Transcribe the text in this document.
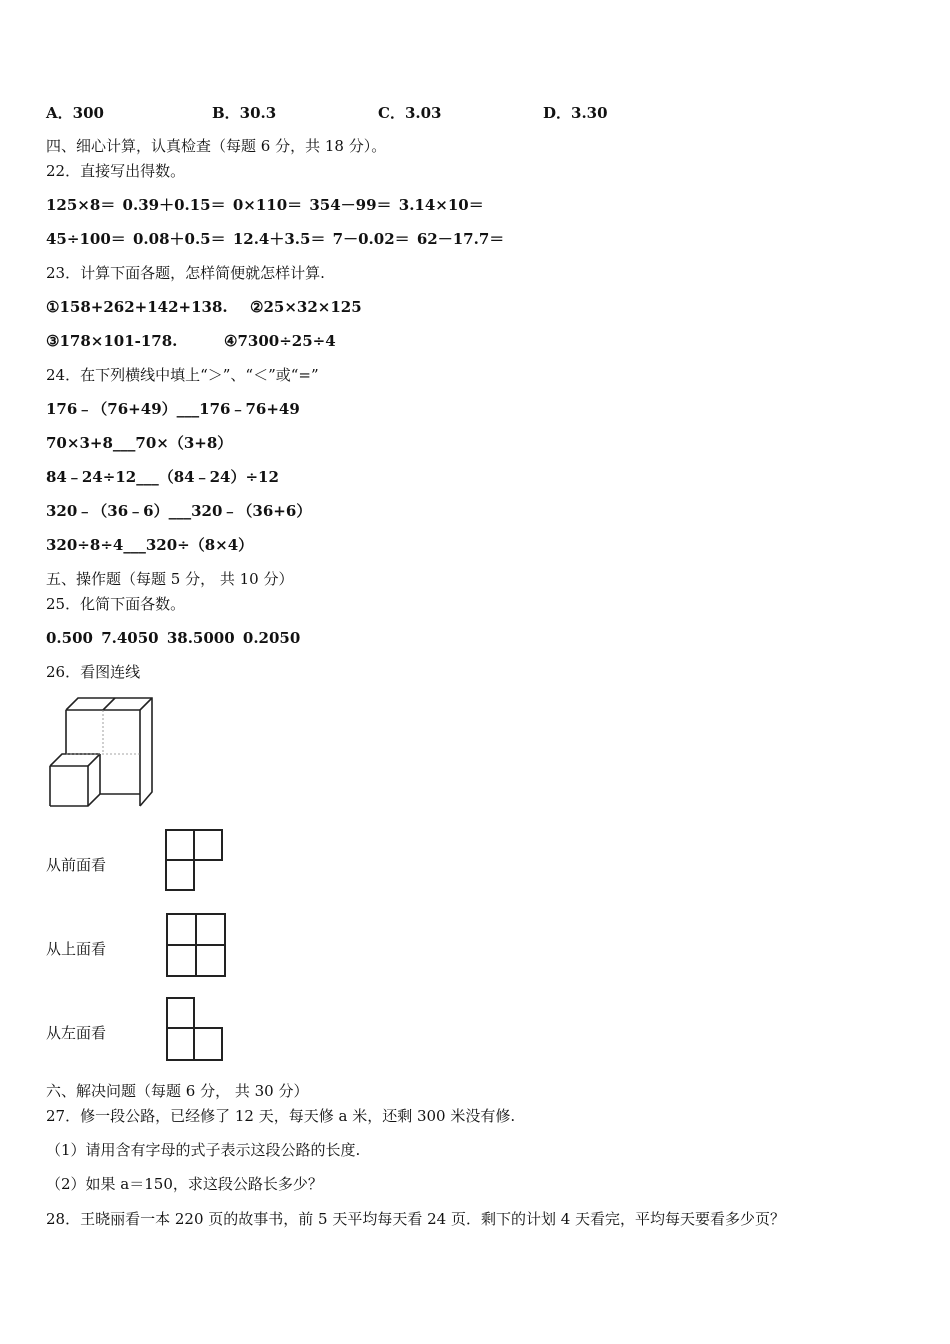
A．300	B．30.3	C．3.03	D．3.30
四、细心计算，认真检查（每题 6 分，共 18 分）。
22．直接写出得数。
125×8＝ 0.39＋0.15＝ 0×110＝ 354－99＝ 3.14×10＝
45÷100＝ 0.08＋0.5＝ 12.4＋3.5＝ 7－0.02＝ 62－17.7＝
23．计算下面各题，怎样简便就怎样计算.
①158+262+142+138. ②25×32×125
③178×101-178.	④7300÷25÷4
24．在下列横线中填上“＞”、“＜”或“=”
176﹣（76+49）___176﹣76+49
70×3+8___70×（3+8）
84﹣24÷12___（84﹣24）÷12
320﹣（36﹣6）___320﹣（36+6）
320÷8÷4___320÷（8×4）
五、操作题（每题 5 分， 共 10 分）
25．化简下面各数。
0.500 7.4050 38.5000 0.2050
26．看图连线
从前面看
从上面看
从左面看
六、解决问题（每题 6 分， 共 30 分）
27．修一段公路，已经修了 12 天，每天修 a 米，还剩 300 米没有修.
（1）请用含有字母的式子表示这段公路的长度.
（2）如果 a＝150，求这段公路长多少？
28．王晓丽看一本 220 页的故事书，前 5 天平均每天看 24 页．剩下的计划 4 天看完，平均每天要看多少页？
